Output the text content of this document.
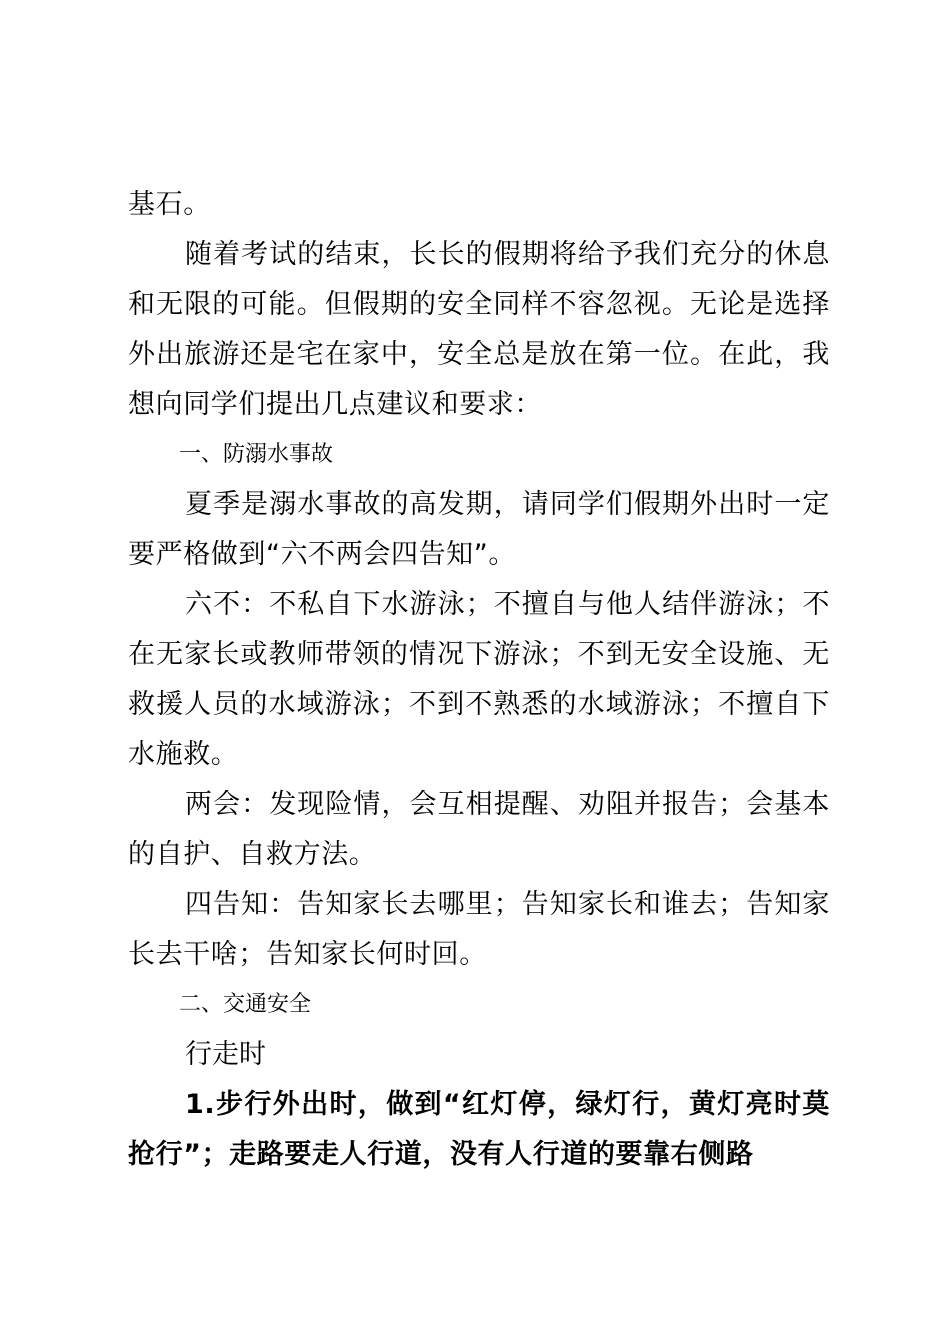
基石。

随着考试的结束，长长的假期将给予我们充分的休息和无限的可能。但假期的安全同样不容忽视。无论是选择外出旅游还是宅在家中，安全总是放在第一位。在此，我想向同学们提出几点建议和要求：

一、防溺水事故

夏季是溺水事故的高发期，请同学们假期外出时一定要严格做到“六不两会四告知”。

六不：不私自下水游泳；不擅自与他人结伴游泳；不在无家长或教师带领的情况下游泳；不到无安全设施、无救援人员的水域游泳；不到不熟悉的水域游泳；不擅自下水施救。

两会：发现险情，会互相提醒、劝阻并报告；会基本的自护、自救方法。

四告知：告知家长去哪里；告知家长和谁去；告知家长去干啥；告知家长何时回。

二、交通安全

行走时

1.步行外出时，做到“红灯停，绿灯行，黄灯亮时莫抢行”；走路要走人行道，没有人行道的要靠右侧路
